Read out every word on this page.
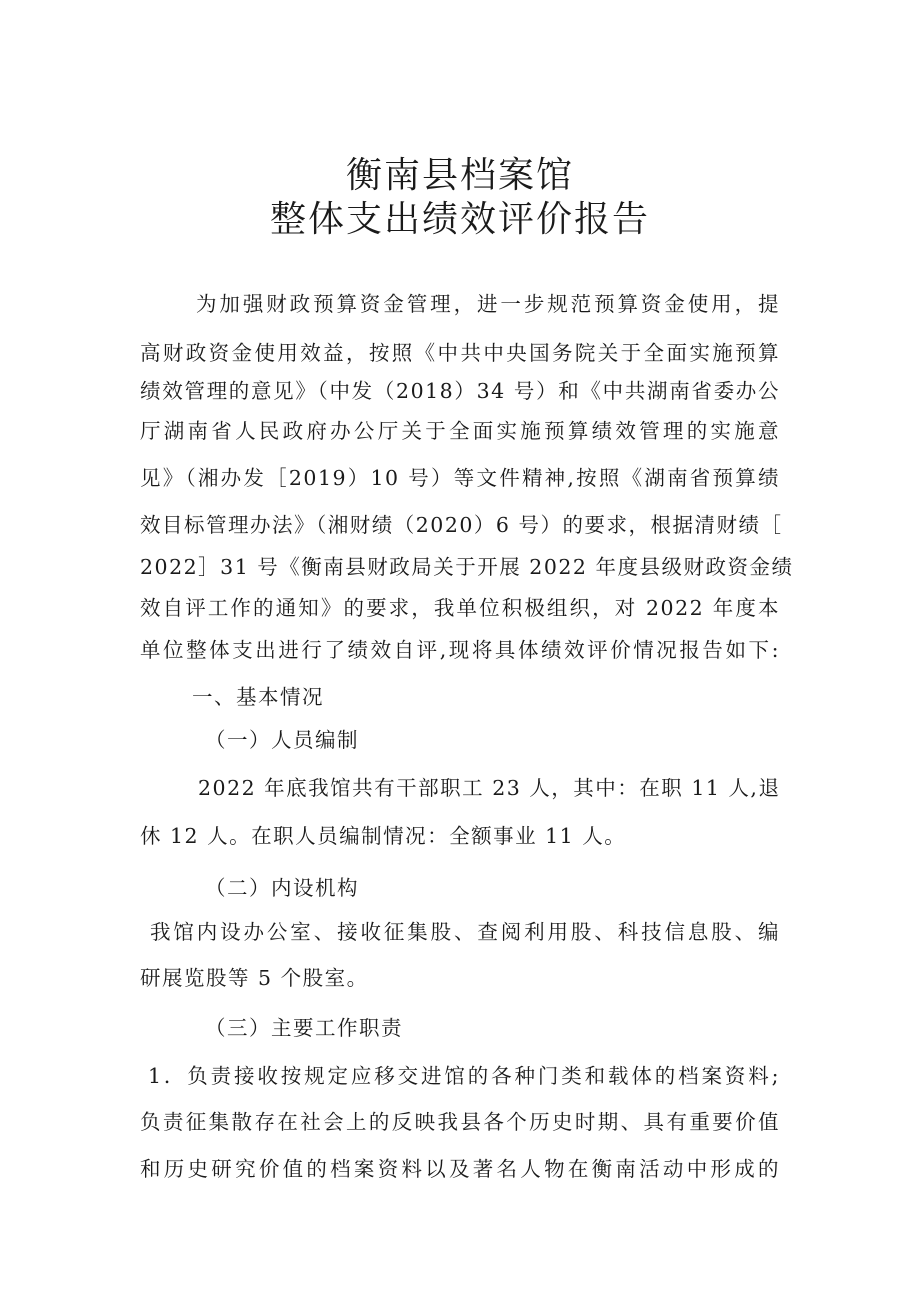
衡南县档案馆
整体支出绩效评价报告
为加强财政预算资金管理，进一步规范预算资金使用，提
高财政资金使用效益，按照《中共中央国务院关于全面实施预算
绩效管理的意见》（中发（2018）34 号）和《中共湖南省委办公
厅湖南省人民政府办公厅关于全面实施预算绩效管理的实施意
见》（湘办发［2019）10 号）等文件精神,按照《湖南省预算绩
效目标管理办法》（湘财绩（2020）6 号）的要求，根据清财绩［
2022］31 号《衡南县财政局关于开展 2022 年度县级财政资金绩
效自评工作的通知》的要求，我单位积极组织，对 2022 年度本
单位整体支出进行了绩效自评,现将具体绩效评价情况报告如下:
一、基本情况
（一）人员编制
2022 年底我馆共有干部职工 23 人，其中：在职 11 人,退
休 12 人。在职人员编制情况：全额事业 11 人。
（二）内设机构
我馆内设办公室、接收征集股、查阅利用股、科技信息股、编
研展览股等 5 个股室。
（三）主要工作职责
1．负责接收按规定应移交进馆的各种门类和载体的档案资料;
负责征集散存在社会上的反映我县各个历史时期、具有重要价值
和历史研究价值的档案资料以及著名人物在衡南活动中形成的
